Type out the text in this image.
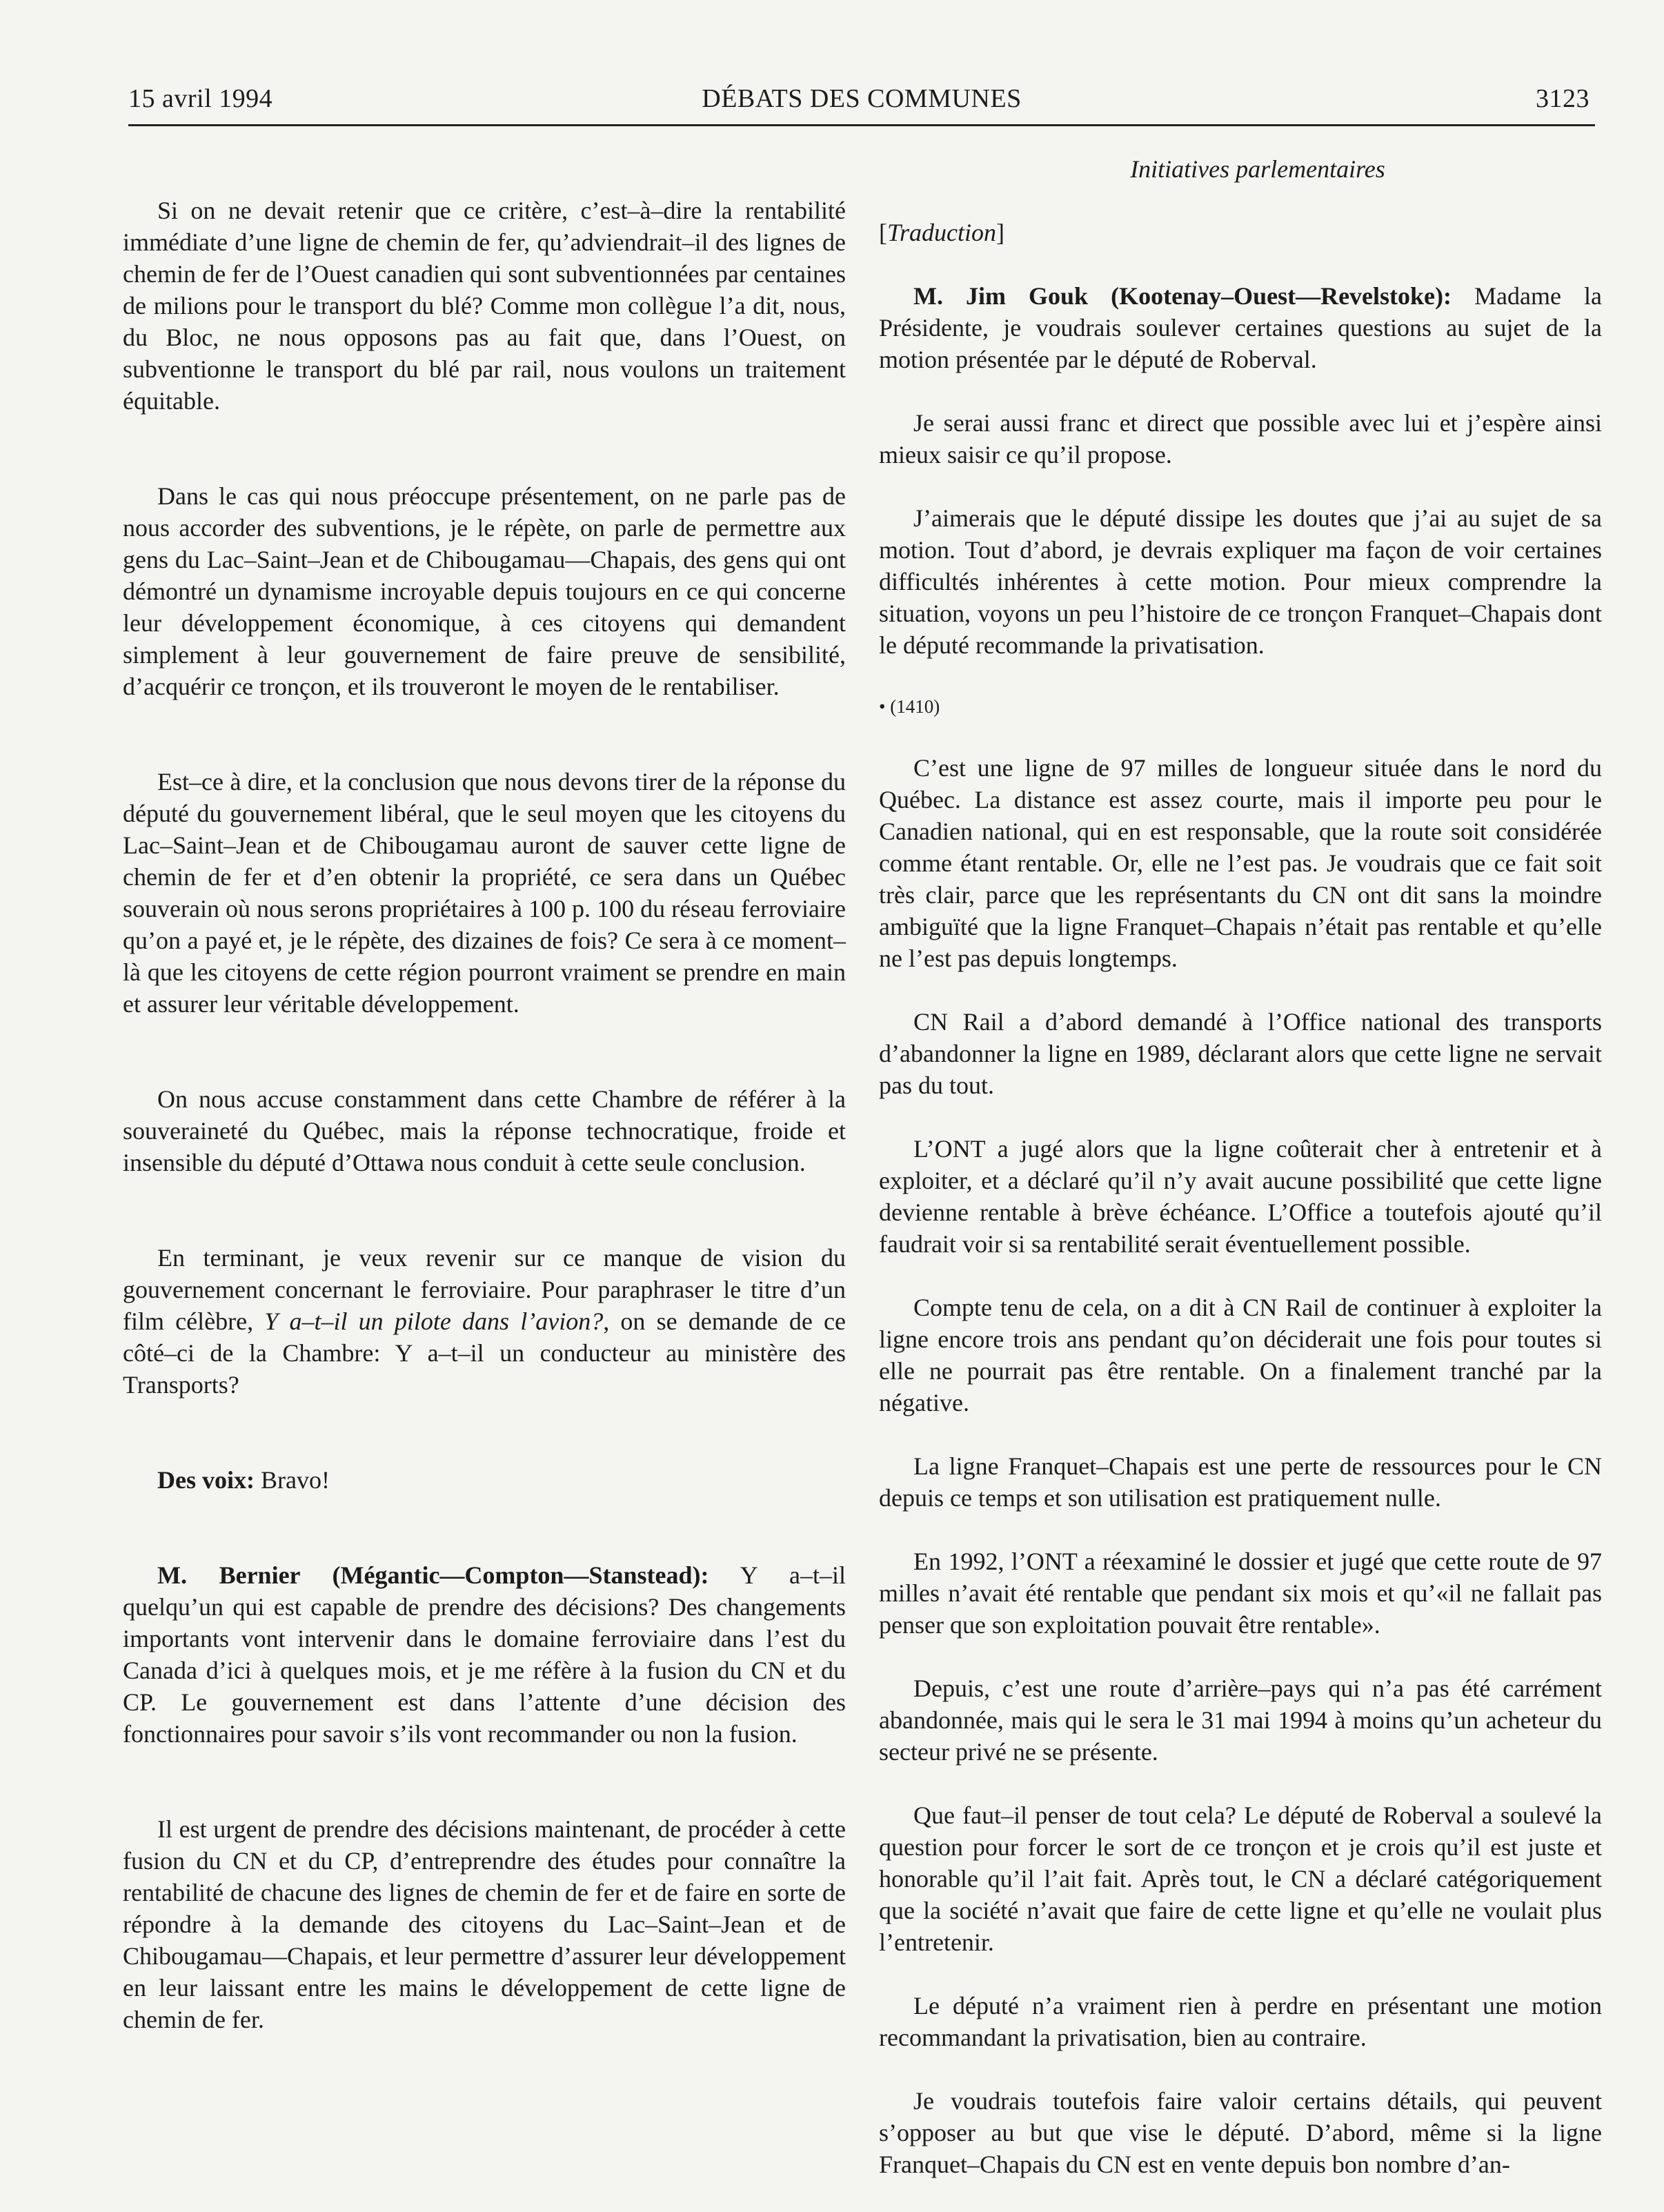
15 avril 1994	DÉBATS DES COMMUNES	3123

Si on ne devait retenir que ce critère, c’est–à–dire la rentabilité immédiate d’une ligne de chemin de fer, qu’adviendrait–il des lignes de chemin de fer de l’Ouest canadien qui sont subventionnées par centaines de milions pour le transport du blé? Comme mon collègue l’a dit, nous, du Bloc, ne nous opposons pas au fait que, dans l’Ouest, on subventionne le transport du blé par rail, nous voulons un traitement équitable.

Dans le cas qui nous préoccupe présentement, on ne parle pas de nous accorder des subventions, je le répète, on parle de permettre aux gens du Lac–Saint–Jean et de Chibougamau—Chapais, des gens qui ont démontré un dynamisme incroyable depuis toujours en ce qui concerne leur développement économique, à ces citoyens qui demandent simplement à leur gouvernement de faire preuve de sensibilité, d’acquérir ce tronçon, et ils trouveront le moyen de le rentabiliser.

Est–ce à dire, et la conclusion que nous devons tirer de la réponse du député du gouvernement libéral, que le seul moyen que les citoyens du Lac–Saint–Jean et de Chibougamau auront de sauver cette ligne de chemin de fer et d’en obtenir la propriété, ce sera dans un Québec souverain où nous serons propriétaires à 100 p. 100 du réseau ferroviaire qu’on a payé et, je le répète, des dizaines de fois? Ce sera à ce moment–là que les citoyens de cette région pourront vraiment se prendre en main et assurer leur véritable développement.

On nous accuse constamment dans cette Chambre de référer à la souveraineté du Québec, mais la réponse technocratique, froide et insensible du député d’Ottawa nous conduit à cette seule conclusion.

En terminant, je veux revenir sur ce manque de vision du gouvernement concernant le ferroviaire. Pour paraphraser le titre d’un film célèbre, Y a–t–il un pilote dans l’avion?, on se demande de ce côté–ci de la Chambre: Y a–t–il un conducteur au ministère des Transports?

Des voix: Bravo!

M. Bernier (Mégantic—Compton—Stanstead): Y a–t–il quelqu’un qui est capable de prendre des décisions? Des changements importants vont intervenir dans le domaine ferroviaire dans l’est du Canada d’ici à quelques mois, et je me réfère à la fusion du CN et du CP. Le gouvernement est dans l’attente d’une décision des fonctionnaires pour savoir s’ils vont recommander ou non la fusion.

Il est urgent de prendre des décisions maintenant, de procéder à cette fusion du CN et du CP, d’entreprendre des études pour connaître la rentabilité de chacune des lignes de chemin de fer et de faire en sorte de répondre à la demande des citoyens du Lac–Saint–Jean et de Chibougamau—Chapais, et leur permettre d’assurer leur développement en leur laissant entre les mains le développement de cette ligne de chemin de fer.

Initiatives parlementaires

[Traduction]

M. Jim Gouk (Kootenay–Ouest—Revelstoke): Madame la Présidente, je voudrais soulever certaines questions au sujet de la motion présentée par le député de Roberval.

Je serai aussi franc et direct que possible avec lui et j’espère ainsi mieux saisir ce qu’il propose.

J’aimerais que le député dissipe les doutes que j’ai au sujet de sa motion. Tout d’abord, je devrais expliquer ma façon de voir certaines difficultés inhérentes à cette motion. Pour mieux comprendre la situation, voyons un peu l’histoire de ce tronçon Franquet–Chapais dont le député recommande la privatisation.

• (1410)

C’est une ligne de 97 milles de longueur située dans le nord du Québec. La distance est assez courte, mais il importe peu pour le Canadien national, qui en est responsable, que la route soit considérée comme étant rentable. Or, elle ne l’est pas. Je voudrais que ce fait soit très clair, parce que les représentants du CN ont dit sans la moindre ambiguïté que la ligne Franquet–Chapais n’était pas rentable et qu’elle ne l’est pas depuis longtemps.

CN Rail a d’abord demandé à l’Office national des transports d’abandonner la ligne en 1989, déclarant alors que cette ligne ne servait pas du tout.

L’ONT a jugé alors que la ligne coûterait cher à entretenir et à exploiter, et a déclaré qu’il n’y avait aucune possibilité que cette ligne devienne rentable à brève échéance. L’Office a toutefois ajouté qu’il faudrait voir si sa rentabilité serait éventuellement possible.

Compte tenu de cela, on a dit à CN Rail de continuer à exploiter la ligne encore trois ans pendant qu’on déciderait une fois pour toutes si elle ne pourrait pas être rentable. On a finalement tranché par la négative.

La ligne Franquet–Chapais est une perte de ressources pour le CN depuis ce temps et son utilisation est pratiquement nulle.

En 1992, l’ONT a réexaminé le dossier et jugé que cette route de 97 milles n’avait été rentable que pendant six mois et qu’«il ne fallait pas penser que son exploitation pouvait être rentable».

Depuis, c’est une route d’arrière–pays qui n’a pas été carrément abandonnée, mais qui le sera le 31 mai 1994 à moins qu’un acheteur du secteur privé ne se présente.

Que faut–il penser de tout cela? Le député de Roberval a soulevé la question pour forcer le sort de ce tronçon et je crois qu’il est juste et honorable qu’il l’ait fait. Après tout, le CN a déclaré catégoriquement que la société n’avait que faire de cette ligne et qu’elle ne voulait plus l’entretenir.

Le député n’a vraiment rien à perdre en présentant une motion recommandant la privatisation, bien au contraire.

Je voudrais toutefois faire valoir certains détails, qui peuvent s’opposer au but que vise le député. D’abord, même si la ligne Franquet–Chapais du CN est en vente depuis bon nombre d’an-
